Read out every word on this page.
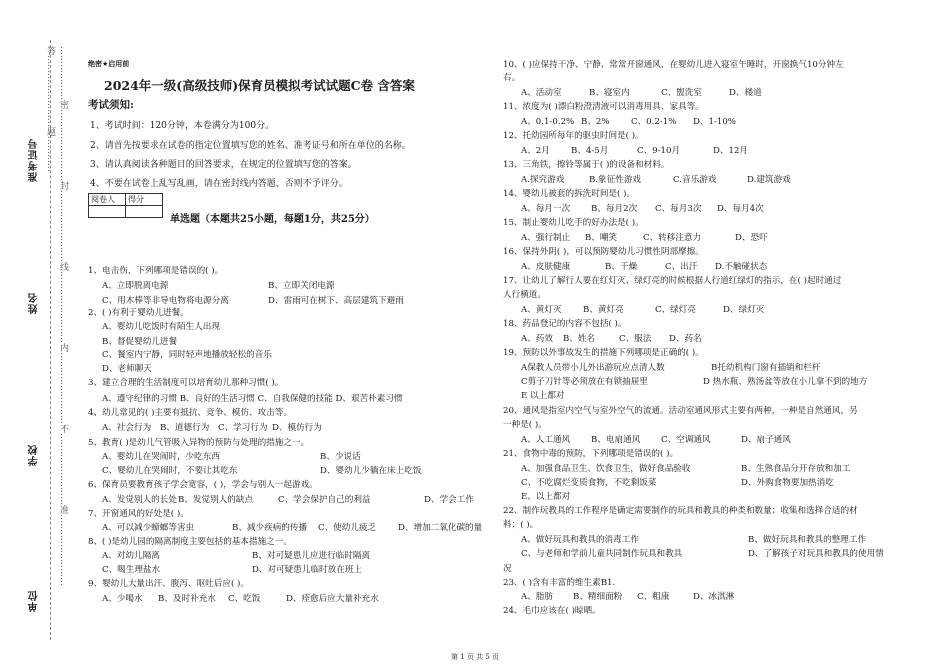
准考证号
姓名
学校
单位
………………密……………………封……………………线……………………内……………………不……………………准……………………答……………………题…………	绝密★启用前
2024年一级(高级技师)保育员模拟考试试题C卷 含答案
考试须知:
1、考试时间：120分钟，本卷满分为100分。
2、请首先按要求在试卷的指定位置填写您的姓名、准考证号和所在单位的名称。
3、请认真阅读各种题目的回答要求，在规定的位置填写您的答案。
4、不要在试卷上乱写乱画，请在密封线内答题，否则不予评分。
阅卷人	得分

单选题（本题共25小题，每题1分，共25分）
1、电击伤，下列哪项是错误的( )。
A、立即脱离电源	B、立即关闭电源
C、用木棒等非导电物将电源分离	D、雷雨可在树下、高层建筑下避雨
2、( )有利于婴幼儿进餐。
A、婴幼儿吃饭时有陌生人出现
B、督促婴幼儿进餐
C、餐室内宁静，同时轻声地播放轻松的音乐
D、老师聊天
3、建立合理的生活制度可以培育幼儿那种习惯( )。
A、遵守纪律的习惯 B、良好的生活习惯 C、自我保健的技能 D、艰苦朴素习惯
4、幼儿常见的( )主要有抵抗、竞争、模仿、攻击等。
A、社会行为 B、道德行为 C、学习行为 D、模仿行为
5、教育( )是幼儿气管吸入异物的预防与处理的措施之一。
A、婴幼儿在哭闹时，少吃东西	B、少说话
C、婴幼儿在哭闹时，不要让其吃东	D、婴幼儿少躺在床上吃饭
6、保育员要教育孩子学会宽容，( )，学会与别人一起游戏。
A、发觉别人的长处 B、发觉别人的缺点	C、学会保护自己的利益	D、学会工作
7、开窗通风的好处是( )。
A、可以减少蟑螂等害虫	B、减少疾病的传播 C、使幼儿疲乏	D、增加二氧化碳的量
8、( )是幼儿园的隔离制度主要包括的基本措施之一。
A、对幼儿隔离	B、对可疑患儿应进行临时隔离
C、喝生理盐水	D、对可疑患儿临时放在班上
9、婴幼儿大量出汗、腹泻、呕吐后应( )。
A、少喝水 B、及时补充水 C、吃饭	D、痊愈后应大量补充水
10、( )应保持干净、宁静、常常开窗通风，在婴幼儿进入寝室午睡时，开窗换气10分钟左
右。
A、活动室	B、寝室内	C、盥洗室	D、楼道
11、浓度为( )漂白粉澄清液可以消毒用具、家具等。
A、0.1-0.2% B、2% C、0.2-1% D、1-10%
12、托幼园所每年的驱虫时间是( )。
A、2月 B、4-5月	C、9-10月	D、12月
13、三角铁，擦铃等属于( )的设备和材料。
A.探究游戏	B.象征性游戏	C.音乐游戏	D.建筑游戏
14、婴幼儿被套的拆洗时间是( )。
A、每月一次 B、每月2次 C、每月3次 D、每月4次
15、制止婴幼儿吃手的好办法是( )。
A、强行制止 B、嘲笑	C、转移注意力	D、恐吓
16、保持外阴( )，可以预防婴幼儿习惯性阴部摩擦。
A、皮肤健康	B、干燥	C、出汗 D.不触碰状态
17、让幼儿了解行人要在红灯灭、绿灯亮的时候根据人行道红绿灯的指示，在( )起时通过
人行横道。
A、黄灯灭 B、黄灯亮	C、绿灯亮	D、绿灯灭
18、药品登记的内容不包括( )。
A、药效 B、姓名	C、服法 D、药名
19、预防以外事故发生的措施下列哪项是正确的( )。
A保教人员带小儿外出游玩应点清人数	B托幼机构门窗有插销和栏杆
C剪子刀针等必须放在有锁抽屉里	D 热水瓶、熟汤盆等放在小儿拿不到的地方
E 以上都对
20、通风是指室内空气与室外空气的流通。活动室通风形式主要有两种，一种是自然通风，另
一种是( )。
A、人工通风 B、电扇通风 C、空调通风	D、扇子通风
21、食物中毒的预防，下列哪项是错误的( )。
A、加强食品卫生、饮食卫生，做好食品验收	B、生熟食品分开存放和加工
C、不吃腐烂变质食物，不吃剩饭菜	D、外购食物要加热消吃
E、以上都对
22、制作玩教具的工作程序是确定需要制作的玩具和教具的种类和数量；收集和选择合适的材
料；( )。
A、做好玩具和教具的消毒工作	B、做好玩具和教具的整理工作
C、与老师和学前儿童共同制作玩具和教具	D、了解孩子对玩具和教具的使用情
况
23、( )含有丰富的维生素B1.
A、脂肪 B、精细面粉 C、粗康	D、冰淇淋
24、毛巾应该在( )晾晒。
第 1 页 共 5 页
